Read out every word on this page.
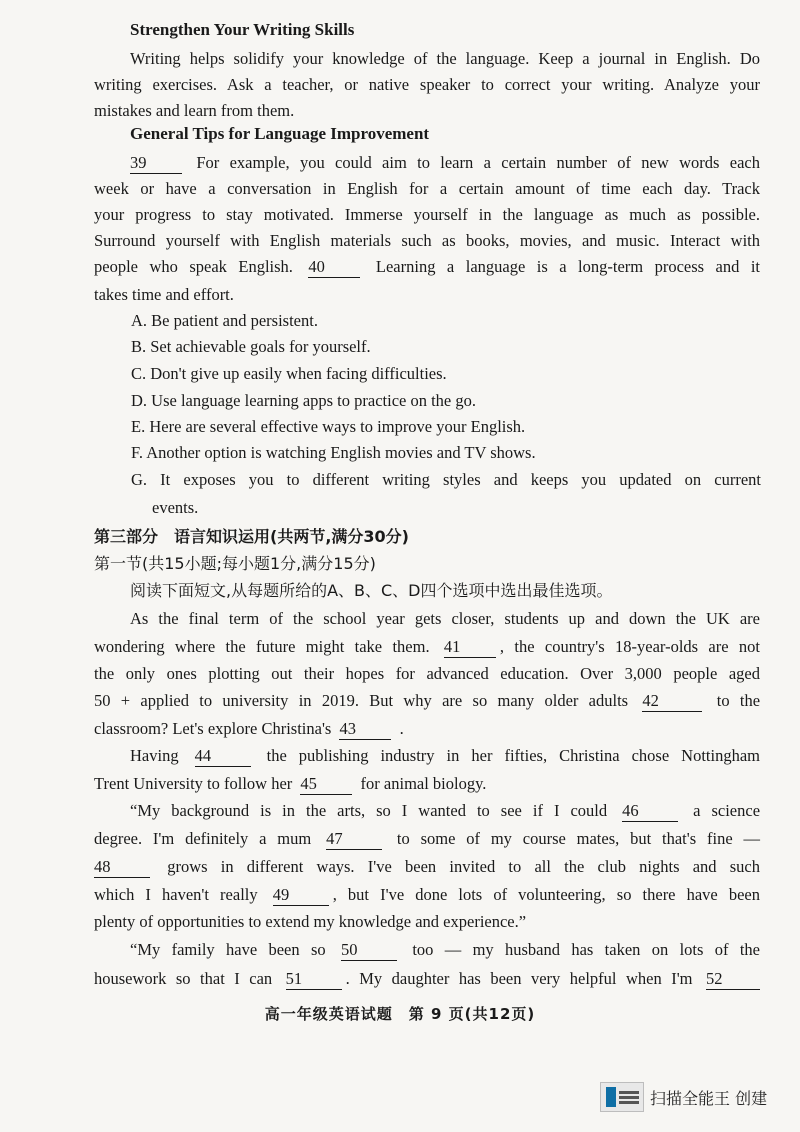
Strengthen Your Writing Skills
Writing helps solidify your knowledge of the language. Keep a journal in English. Do
writing exercises. Ask a teacher, or native speaker to correct your writing. Analyze your
mistakes and learn from them.
General Tips for Language Improvement
39	For example, you could aim to learn a certain number of new words each
week or have a conversation in English for a certain amount of time each day. Track
your progress to stay motivated. Immerse yourself in the language as much as possible.
Surround yourself with English materials such as books, movies, and music. Interact with
people who speak English. 40	Learning a language is a long-term process and it
takes time and effort.
A. Be patient and persistent.
B. Set achievable goals for yourself.
C. Don't give up easily when facing difficulties.
D. Use language learning apps to practice on the go.
E. Here are several effective ways to improve your English.
F. Another option is watching English movies and TV shows.
G. It exposes you to different writing styles and keeps you updated on current
events.
第三部分　语言知识运用(共两节,满分30分)
第一节(共15小题;每小题1分,满分15分)
阅读下面短文,从每题所给的A、B、C、D四个选项中选出最佳选项。
As the final term of the school year gets closer, students up and down the UK are
wondering where the future might take them. 41 , the country's 18-year-olds are not
the only ones plotting out their hopes for advanced education. Over 3,000 people aged
50 + applied to university in 2019. But why are so many older adults 42	to the
classroom? Let's explore Christina's 43	.
Having 44	the publishing industry in her fifties, Christina chose Nottingham
Trent University to follow her 45	for animal biology.
“My background is in the arts, so I wanted to see if I could 46	a science
degree. I'm definitely a mum 47	to some of my course mates, but that's fine —
48	grows in different ways. I've been invited to all the club nights and such
which I haven't really 49	, but I've done lots of volunteering, so there have been
plenty of opportunities to extend my knowledge and experience.”
“My family have been so 50	too — my husband has taken on lots of the
housework so that I can 51	. My daughter has been very helpful when I'm 52
高一年级英语试题　第 9 页(共12页)
扫描全能王 创建
